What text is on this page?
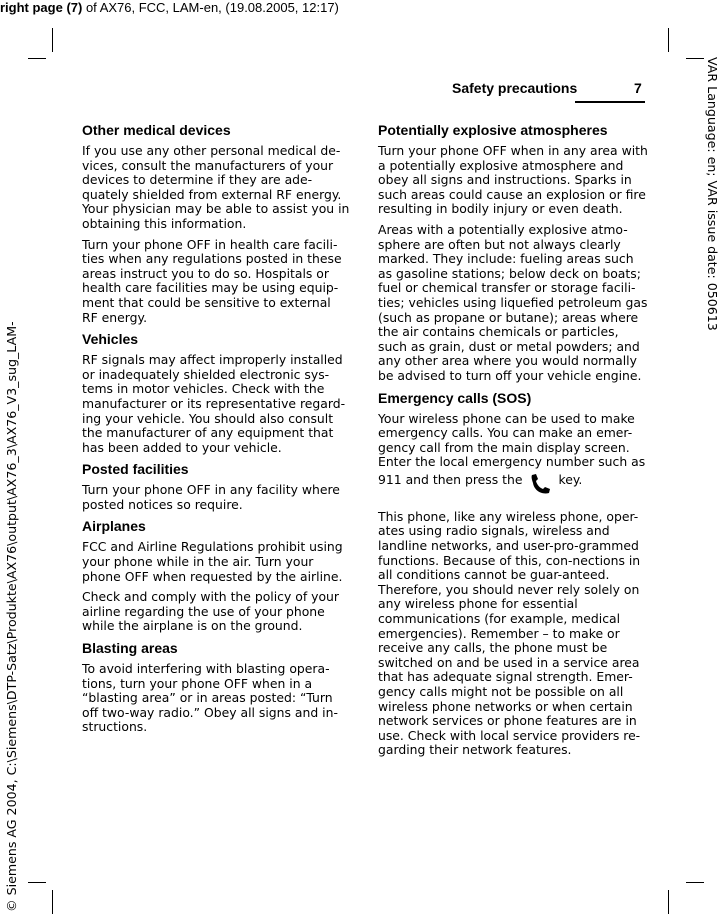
right page (7) of AX76, FCC, LAM-en, (19.08.2005, 12:17)
© Siemens AG 2004, C:\Siemens\DTP-Satz\Produkte\AX76\output\AX76_3\AX76_V3_sug_LAM-
VAR Language: en; VAR issue date: 050613
Safety precautions	7
Other medical devices

If you use any other personal medical de-vices, consult the manufacturers of your devices to determine if they are ade-quately shielded from external RF energy. Your physician may be able to assist you in obtaining this information.

Turn your phone OFF in health care facili-ties when any regulations posted in these areas instruct you to do so. Hospitals or health care facilities may be using equip-ment that could be sensitive to external RF energy.

Vehicles

RF signals may affect improperly installed or inadequately shielded electronic sys-tems in motor vehicles. Check with the manufacturer or its representative regard-ing your vehicle. You should also consult the manufacturer of any equipment that has been added to your vehicle.

Posted facilities

Turn your phone OFF in any facility where posted notices so require.

Airplanes

FCC and Airline Regulations prohibit using your phone while in the air. Turn your phone OFF when requested by the airline.

Check and comply with the policy of your airline regarding the use of your phone while the airplane is on the ground.

Blasting areas

To avoid interfering with blasting opera-tions, turn your phone OFF when in a “blasting area” or in areas posted: “Turn off two-way radio.” Obey all signs and in-structions.

Potentially explosive atmospheres

Turn your phone OFF when in any area with a potentially explosive atmosphere and obey all signs and instructions. Sparks in such areas could cause an explosion or fire resulting in bodily injury or even death.

Areas with a potentially explosive atmo-sphere are often but not always clearly marked. They include: fueling areas such as gasoline stations; below deck on boats; fuel or chemical transfer or storage facili-ties; vehicles using liquefied petroleum gas (such as propane or butane); areas where the air contains chemicals or particles, such as grain, dust or metal powders; and any other area where you would normally be advised to turn off your vehicle engine.

Emergency calls (SOS)

Your wireless phone can be used to make emergency calls. You can make an emer-gency call from the main display screen. Enter the local emergency number such as 911 and then press the	key.

This phone, like any wireless phone, oper-ates using radio signals, wireless and landline networks, and user-pro-grammed functions. Because of this, con-nections in all conditions cannot be guar-anteed. Therefore, you should never rely solely on any wireless phone for essential communications (for example, medical emergencies). Remember – to make or receive any calls, the phone must be switched on and be used in a service area that has adequate signal strength. Emer-gency calls might not be possible on all wireless phone networks or when certain network services or phone features are in use. Check with local service providers re-garding their network features.
